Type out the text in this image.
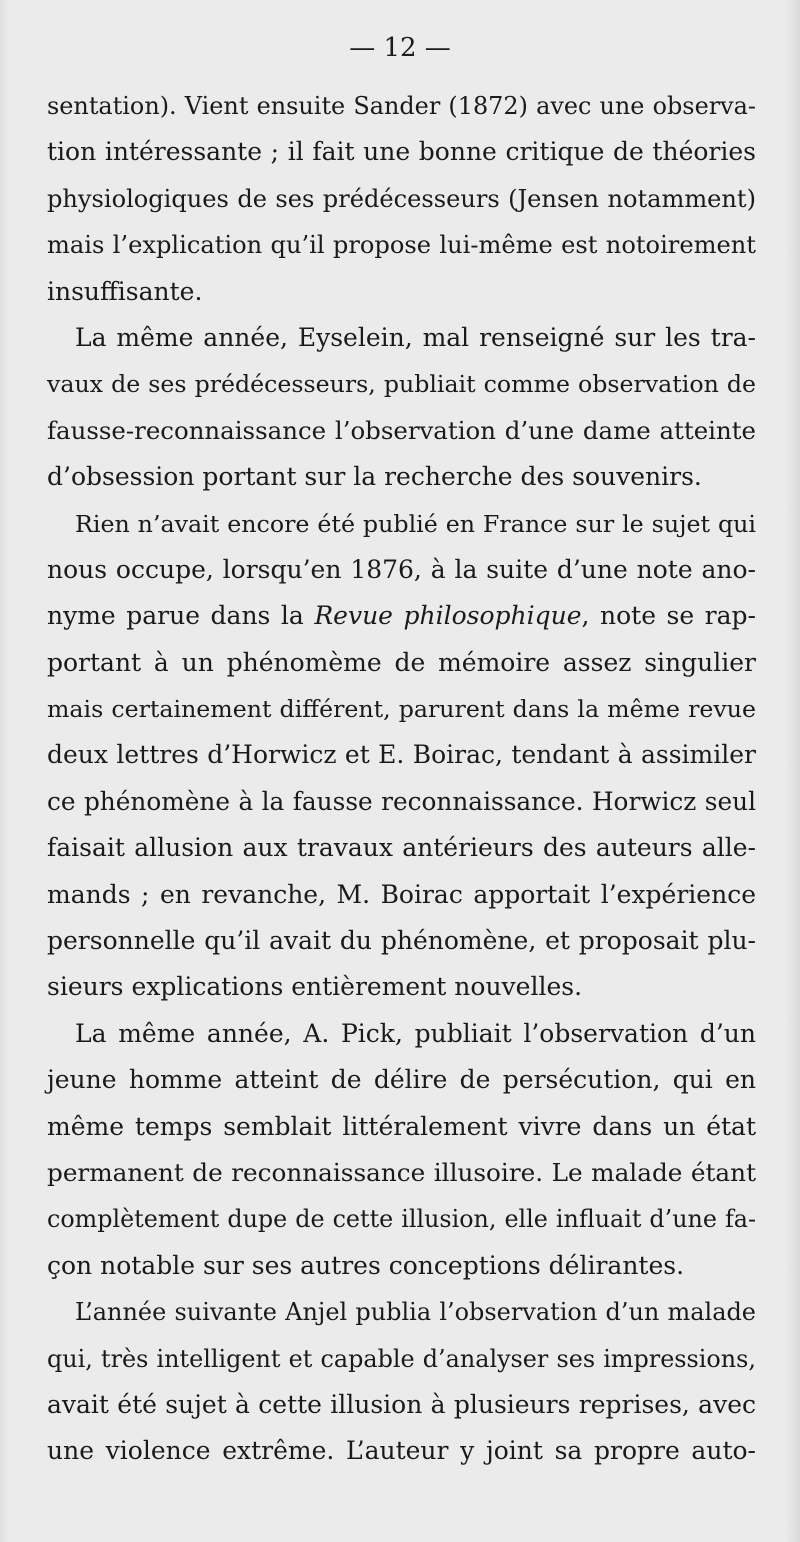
— 12 —
sentation). Vient ensuite Sander (1872) avec une observa-
tion intéressante ; il fait une bonne critique de théories
physiologiques de ses prédécesseurs (Jensen notamment)
mais l’explication qu’il propose lui-même est notoirement
insuffisante.
La même année, Eyselein, mal renseigné sur les tra-
vaux de ses prédécesseurs, publiait comme observation de
fausse-reconnaissance l’observation d’une dame atteinte
d’obsession portant sur la recherche des souvenirs.
Rien n’avait encore été publié en France sur le sujet qui
nous occupe, lorsqu’en 1876, à la suite d’une note ano-
nyme parue dans la Revue philosophique, note se rap-
portant à un phénomème de mémoire assez singulier
mais certainement différent, parurent dans la même revue
deux lettres d’Horwicz et E. Boirac, tendant à assimiler
ce phénomène à la fausse reconnaissance. Horwicz seul
faisait allusion aux travaux antérieurs des auteurs alle-
mands ; en revanche, M. Boirac apportait l’expérience
personnelle qu’il avait du phénomène, et proposait plu-
sieurs explications entièrement nouvelles.
La même année, A. Pick, publiait l’observation d’un
jeune homme atteint de délire de persécution, qui en
même temps semblait littéralement vivre dans un état
permanent de reconnaissance illusoire. Le malade étant
complètement dupe de cette illusion, elle influait d’une fa-
çon notable sur ses autres conceptions délirantes.
L’année suivante Anjel publia l’observation d’un malade
qui, très intelligent et capable d’analyser ses impressions,
avait été sujet à cette illusion à plusieurs reprises, avec
une violence extrême. L’auteur y joint sa propre auto-
